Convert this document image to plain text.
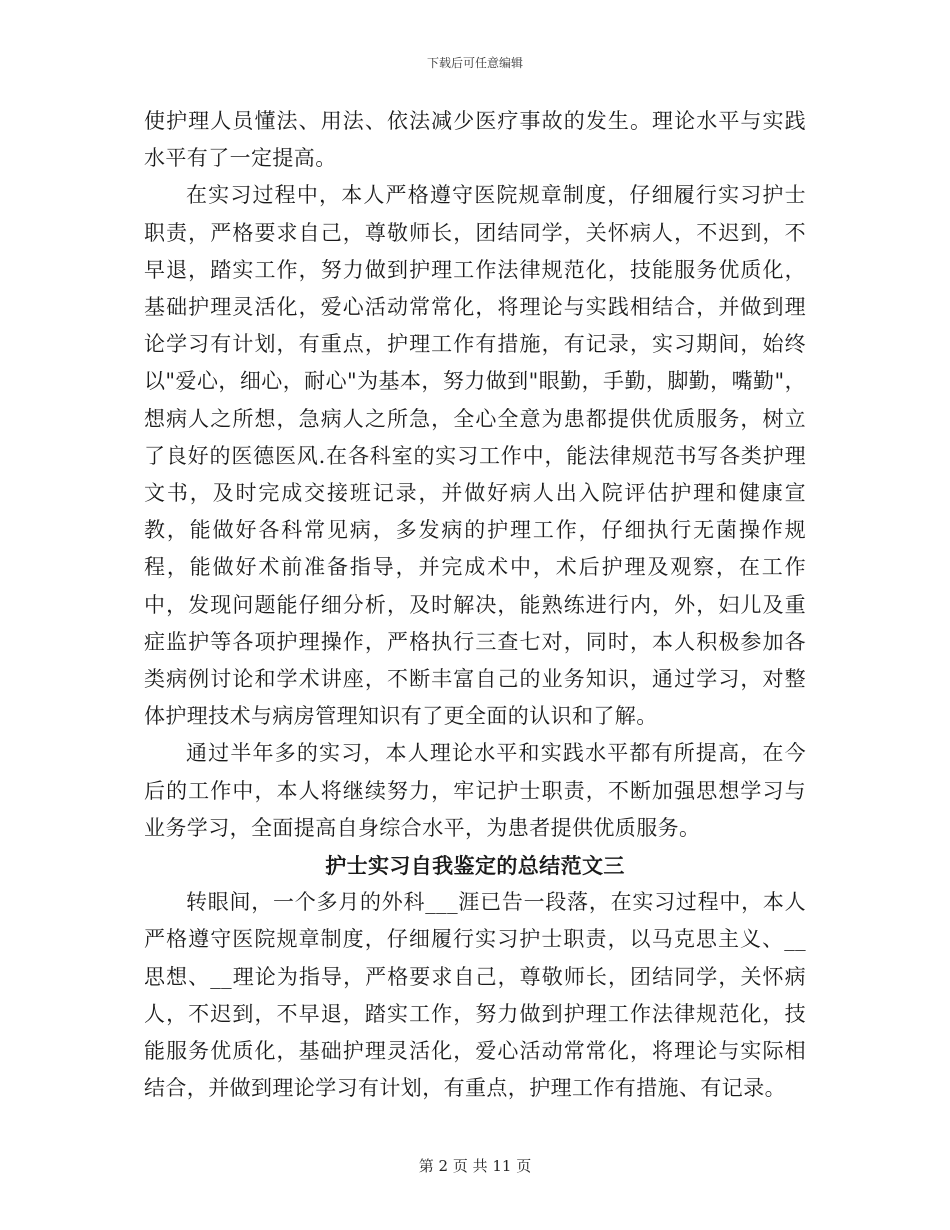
下载后可任意编辑

使护理人员懂法、用法、依法减少医疗事故的发生。理论水平与实践水平有了一定提高。

在实习过程中，本人严格遵守医院规章制度，仔细履行实习护士职责，严格要求自己，尊敬师长，团结同学，关怀病人，不迟到，不早退，踏实工作，努力做到护理工作法律规范化，技能服务优质化，基础护理灵活化，爱心活动常常化，将理论与实践相结合，并做到理论学习有计划，有重点，护理工作有措施，有记录，实习期间，始终以"爱心，细心，耐心"为基本，努力做到"眼勤，手勤，脚勤，嘴勤"，想病人之所想，急病人之所急，全心全意为患都提供优质服务，树立了良好的医德医风.在各科室的实习工作中，能法律规范书写各类护理文书，及时完成交接班记录，并做好病人出入院评估护理和健康宣教，能做好各科常见病，多发病的护理工作，仔细执行无菌操作规程，能做好术前准备指导，并完成术中，术后护理及观察，在工作中，发现问题能仔细分析，及时解决，能熟练进行内，外，妇儿及重症监护等各项护理操作，严格执行三查七对，同时，本人积极参加各类病例讨论和学术讲座，不断丰富自己的业务知识，通过学习，对整体护理技术与病房管理知识有了更全面的认识和了解。

通过半年多的实习，本人理论水平和实践水平都有所提高，在今后的工作中，本人将继续努力，牢记护士职责，不断加强思想学习与业务学习，全面提高自身综合水平，为患者提供优质服务。

护士实习自我鉴定的总结范文三

转眼间，一个多月的外科___涯已告一段落，在实习过程中，本人严格遵守医院规章制度，仔细履行实习护士职责，以马克思主义、__思想、__理论为指导，严格要求自己，尊敬师长，团结同学，关怀病人，不迟到，不早退，踏实工作，努力做到护理工作法律规范化，技能服务优质化，基础护理灵活化，爱心活动常常化，将理论与实际相结合，并做到理论学习有计划，有重点，护理工作有措施、有记录。

第 2 页 共 11 页
